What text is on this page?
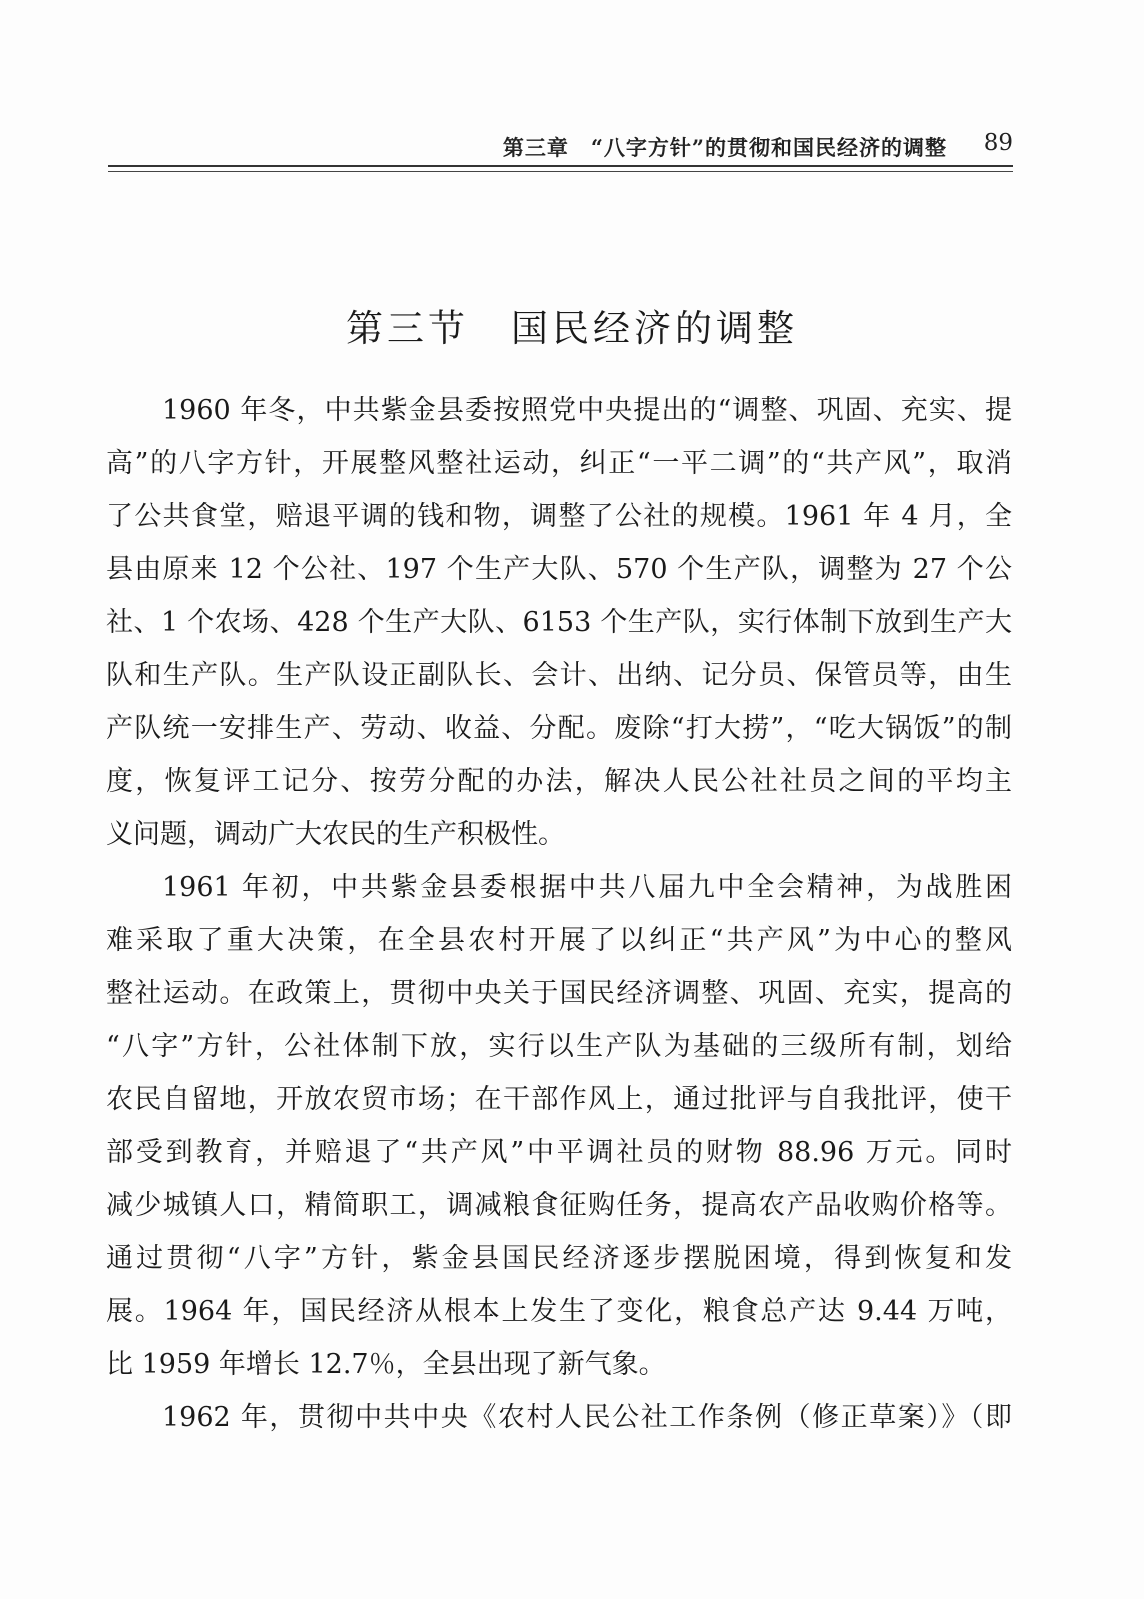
第三章　“八字方针”的贯彻和国民经济的调整 89
第三节 国民经济的调整
1960 年冬，中共紫金县委按照党中央提出的“调整、巩固、充实、提
高”的八字方针，开展整风整社运动，纠正“一平二调”的“共产风”，取消
了公共食堂，赔退平调的钱和物，调整了公社的规模。1961 年 4 月，全
县由原来 12 个公社、197 个生产大队、570 个生产队，调整为 27 个公
社、1 个农场、428 个生产大队、6153 个生产队，实行体制下放到生产大
队和生产队。生产队设正副队长、会计、出纳、记分员、保管员等，由生
产队统一安排生产、劳动、收益、分配。废除“打大捞”，“吃大锅饭”的制
度，恢复评工记分、按劳分配的办法，解决人民公社社员之间的平均主
义问题，调动广大农民的生产积极性。
1961 年初，中共紫金县委根据中共八届九中全会精神，为战胜困
难采取了重大决策，在全县农村开展了以纠正“共产风”为中心的整风
整社运动。在政策上，贯彻中央关于国民经济调整、巩固、充实，提高的
“八字”方针，公社体制下放，实行以生产队为基础的三级所有制，划给
农民自留地，开放农贸市场；在干部作风上，通过批评与自我批评，使干
部受到教育，并赔退了“共产风”中平调社员的财物 88.96 万元。同时
减少城镇人口，精简职工，调减粮食征购任务，提高农产品收购价格等。
通过贯彻“八字”方针，紫金县国民经济逐步摆脱困境，得到恢复和发
展。1964 年，国民经济从根本上发生了变化，粮食总产达 9.44 万吨，
比 1959 年增长 12.7％，全县出现了新气象。
1962 年，贯彻中共中央《农村人民公社工作条例（修正草案）》（即
